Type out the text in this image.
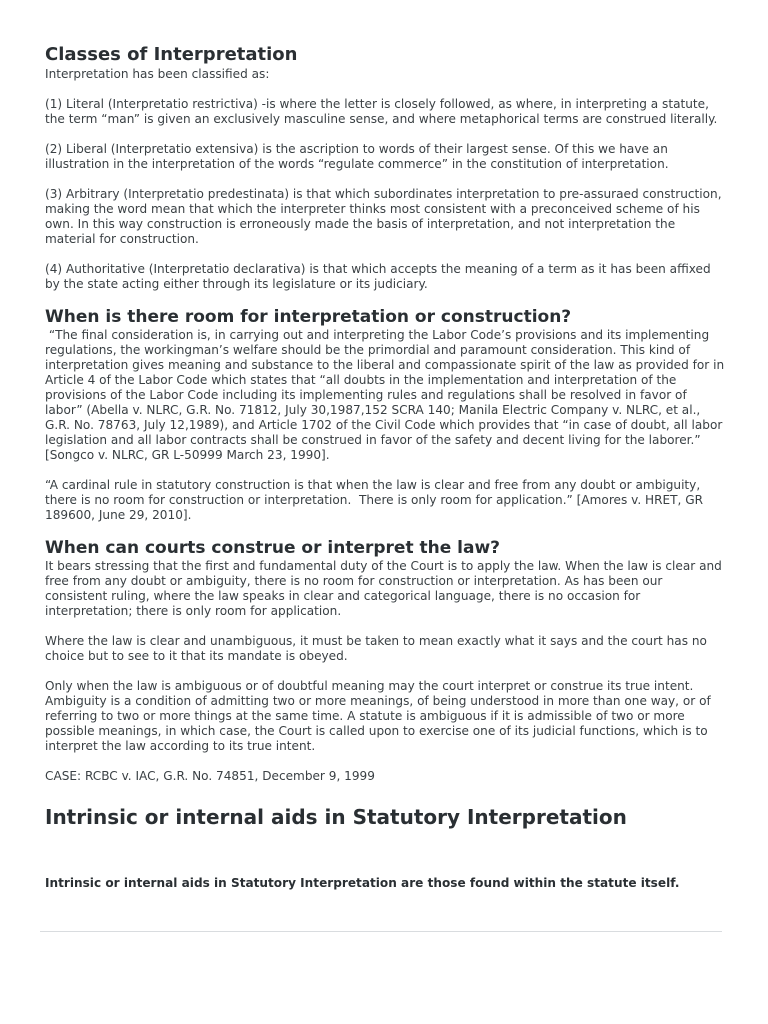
Classes of Interpretation

Interpretation has been classified as:

(1) Literal (Interpretatio restrictiva) -is where the letter is closely followed, as where, in interpreting a statute, the term “man” is given an exclusively masculine sense, and where metaphorical terms are construed literally.

(2) Liberal (Interpretatio extensiva) is the ascription to words of their largest sense. Of this we have an illustration in the interpretation of the words “regulate commerce” in the constitution of interpretation.

(3) Arbitrary (Interpretatio predestinata) is that which subordinates interpretation to pre-assuraed construction, making the word mean that which the interpreter thinks most consistent with a preconceived scheme of his own. In this way construction is erroneously made the basis of interpretation, and not interpretation the material for construction.

(4) Authoritative (Interpretatio declarativa) is that which accepts the meaning of a term as it has been affixed by the state acting either through its legislature or its judiciary.

When is there room for interpretation or construction?

“The final consideration is, in carrying out and interpreting the Labor Code’s provisions and its implementing regulations, the workingman’s welfare should be the primordial and paramount consideration. This kind of interpretation gives meaning and substance to the liberal and compassionate spirit of the law as provided for in Article 4 of the Labor Code which states that “all doubts in the implementation and interpretation of the provisions of the Labor Code including its implementing rules and regulations shall be resolved in favor of labor” (Abella v. NLRC, G.R. No. 71812, July 30,1987,152 SCRA 140; Manila Electric Company v. NLRC, et al., G.R. No. 78763, July 12,1989), and Article 1702 of the Civil Code which provides that “in case of doubt, all labor legislation and all labor contracts shall be construed in favor of the safety and decent living for the laborer.” [Songco v. NLRC, GR L-50999 March 23, 1990].

“A cardinal rule in statutory construction is that when the law is clear and free from any doubt or ambiguity, there is no room for construction or interpretation.  There is only room for application.” [Amores v. HRET, GR 189600, June 29, 2010].

When can courts construe or interpret the law?

It bears stressing that the first and fundamental duty of the Court is to apply the law. When the law is clear and free from any doubt or ambiguity, there is no room for construction or interpretation. As has been our consistent ruling, where the law speaks in clear and categorical language, there is no occasion for interpretation; there is only room for application.

Where the law is clear and unambiguous, it must be taken to mean exactly what it says and the court has no choice but to see to it that its mandate is obeyed.

Only when the law is ambiguous or of doubtful meaning may the court interpret or construe its true intent. Ambiguity is a condition of admitting two or more meanings, of being understood in more than one way, or of referring to two or more things at the same time. A statute is ambiguous if it is admissible of two or more possible meanings, in which case, the Court is called upon to exercise one of its judicial functions, which is to interpret the law according to its true intent.

CASE: RCBC v. IAC, G.R. No. 74851, December 9, 1999

Intrinsic or internal aids in Statutory Interpretation

Intrinsic or internal aids in Statutory Interpretation are those found within the statute itself.
